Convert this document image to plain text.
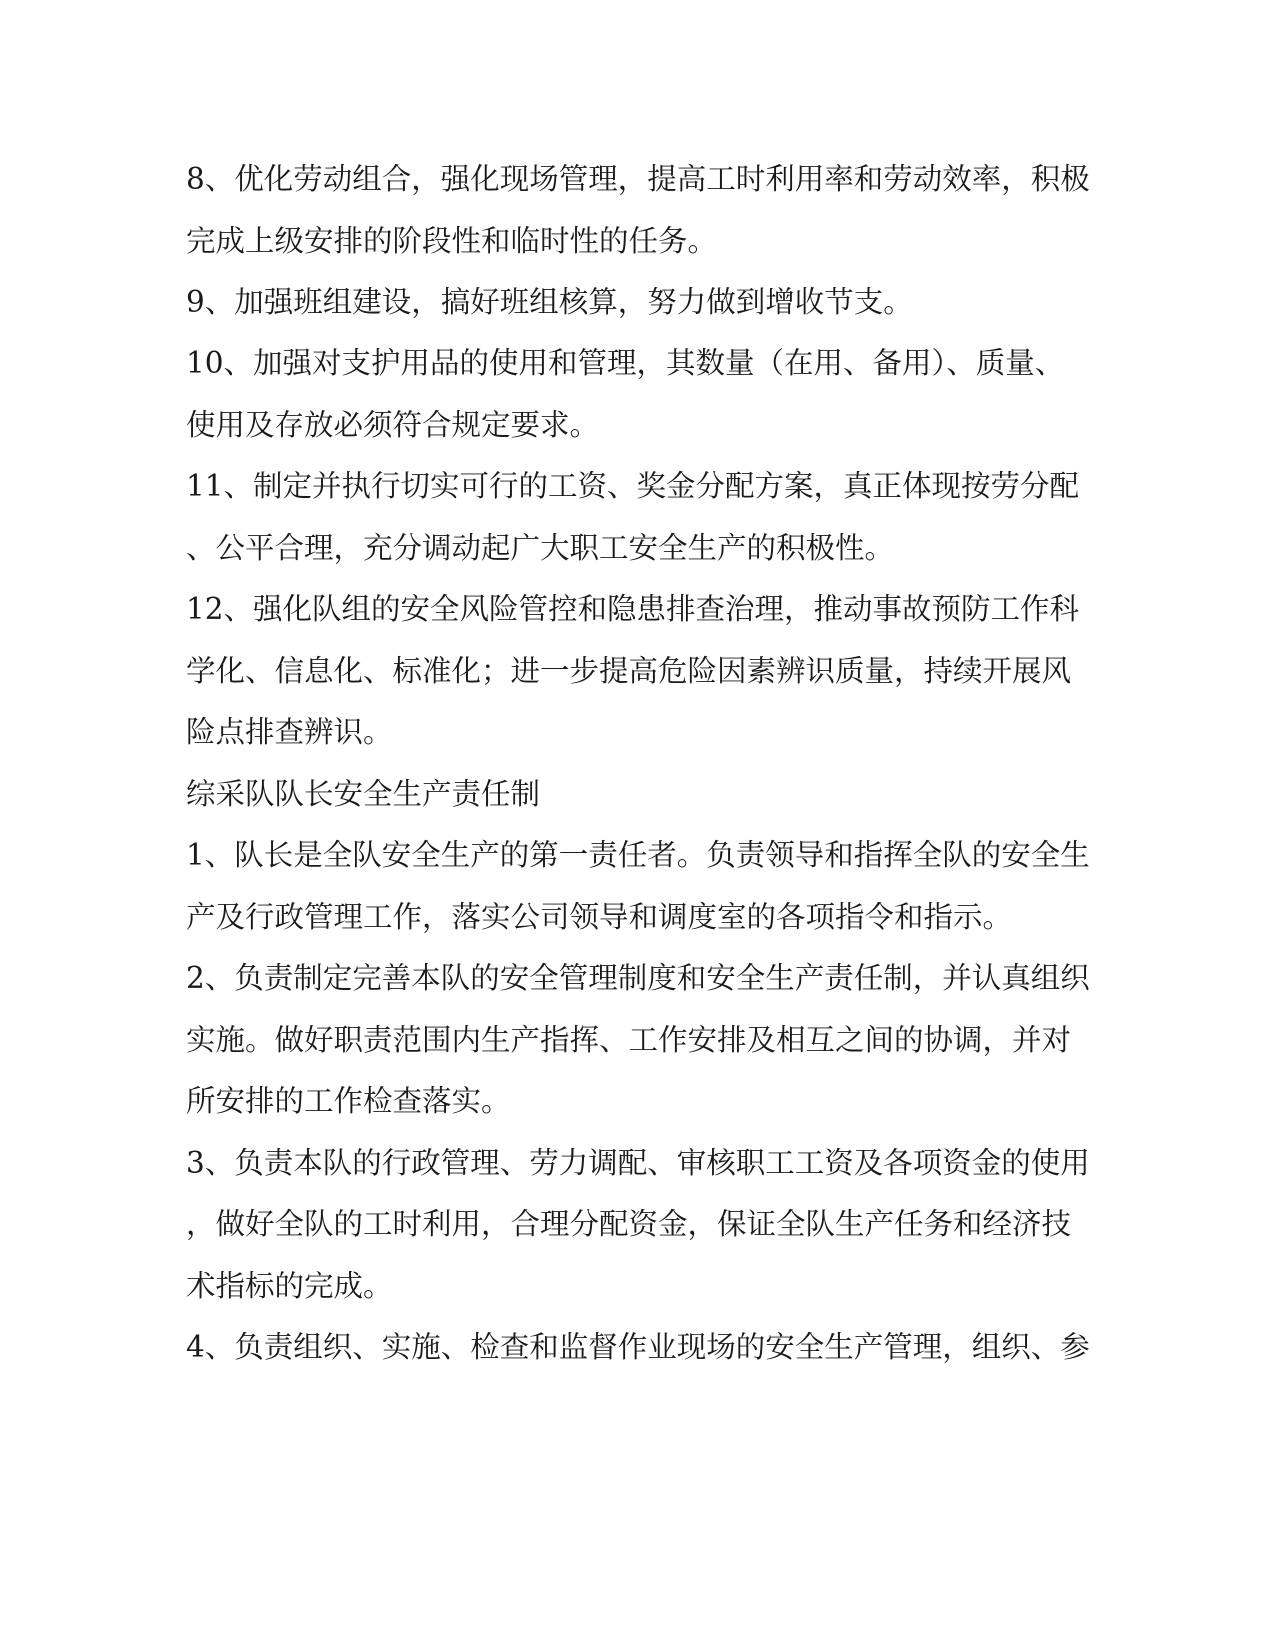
8、优化劳动组合，强化现场管理，提高工时利用率和劳动效率，积极

完成上级安排的阶段性和临时性的任务。

9、加强班组建设，搞好班组核算，努力做到增收节支。

10、加强对支护用品的使用和管理，其数量（在用、备用）、质量、

使用及存放必须符合规定要求。

11、制定并执行切实可行的工资、奖金分配方案，真正体现按劳分配

、公平合理，充分调动起广大职工安全生产的积极性。

12、强化队组的安全风险管控和隐患排查治理，推动事故预防工作科

学化、信息化、标准化；进一步提高危险因素辨识质量，持续开展风

险点排查辨识。

综采队队长安全生产责任制

1、队长是全队安全生产的第一责任者。负责领导和指挥全队的安全生

产及行政管理工作，落实公司领导和调度室的各项指令和指示。

2、负责制定完善本队的安全管理制度和安全生产责任制，并认真组织

实施。做好职责范围内生产指挥、工作安排及相互之间的协调，并对

所安排的工作检查落实。

3、负责本队的行政管理、劳力调配、审核职工工资及各项资金的使用

，做好全队的工时利用，合理分配资金，保证全队生产任务和经济技

术指标的完成。

4、负责组织、实施、检查和监督作业现场的安全生产管理，组织、参
